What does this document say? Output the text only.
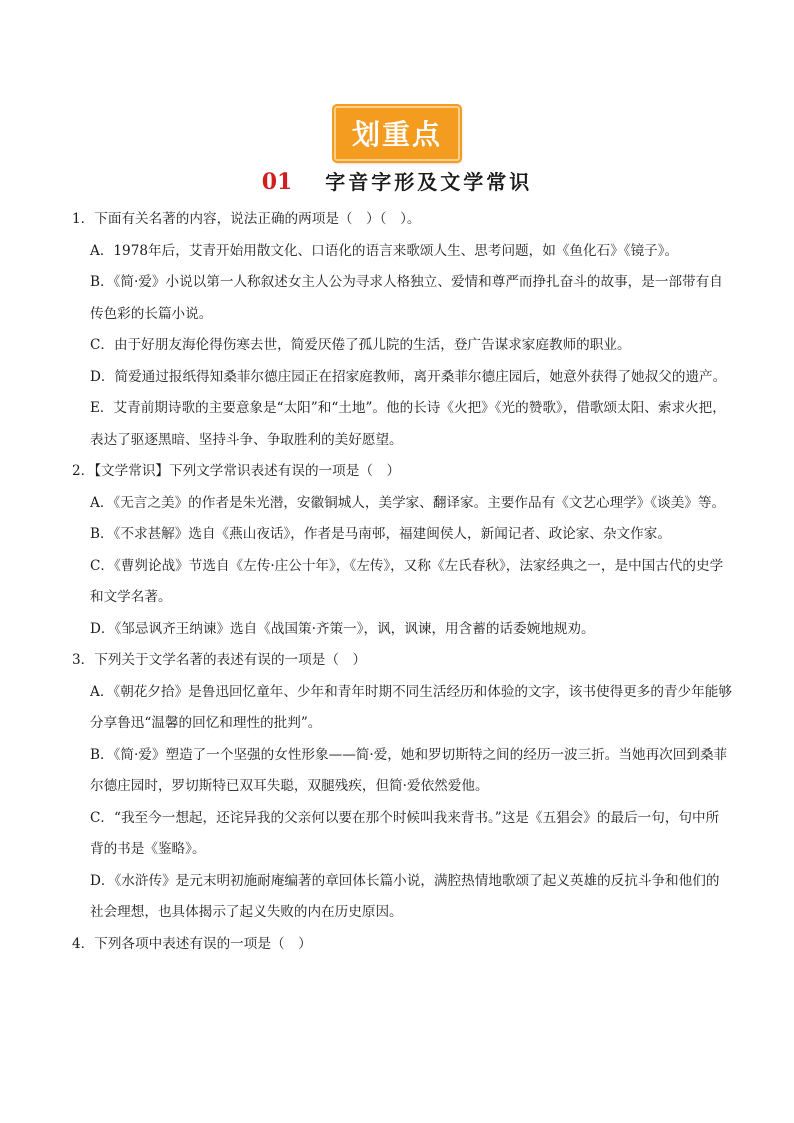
划重点
01 字音字形及文学常识

1．下面有关名著的内容，说法正确的两项是（　）（　）。

A．1978年后，艾青开始用散文化、口语化的语言来歌颂人生、思考问题，如《鱼化石》《镜子》。

B．《简·爱》小说以第一人称叙述女主人公为寻求人格独立、爱情和尊严而挣扎奋斗的故事，是一部带有自传色彩的长篇小说。

C．由于好朋友海伦得伤寒去世，简爱厌倦了孤儿院的生活，登广告谋求家庭教师的职业。

D．简爱通过报纸得知桑菲尔德庄园正在招家庭教师，离开桑菲尔德庄园后，她意外获得了她叔父的遗产。

E．艾青前期诗歌的主要意象是“太阳”和“土地”。他的长诗《火把》《光的赞歌》，借歌颂太阳、索求火把，表达了驱逐黑暗、坚持斗争、争取胜利的美好愿望。

2．【文学常识】下列文学常识表述有误的一项是（　）

A．《无言之美》的作者是朱光潜，安徽铜城人，美学家、翻译家。主要作品有《文艺心理学》《谈美》等。

B．《不求甚解》选自《燕山夜话》，作者是马南邨，福建闽侯人，新闻记者、政论家、杂文作家。

C．《曹刿论战》节选自《左传·庄公十年》，《左传》，又称《左氏春秋》，法家经典之一，是中国古代的史学和文学名著。

D．《邹忌讽齐王纳谏》选自《战国策·齐策一》，讽，讽谏，用含蓄的话委婉地规劝。

3．下列关于文学名著的表述有误的一项是（　）

A．《朝花夕拾》是鲁迅回忆童年、少年和青年时期不同生活经历和体验的文字，该书使得更多的青少年能够分享鲁迅“温馨的回忆和理性的批判”。

B．《简·爱》塑造了一个坚强的女性形象——简·爱，她和罗切斯特之间的经历一波三折。当她再次回到桑菲尔德庄园时，罗切斯特已双耳失聪，双腿残疾，但简·爱依然爱他。

C．“我至今一想起，还诧异我的父亲何以要在那个时候叫我来背书。”这是《五猖会》的最后一句，句中所背的书是《鉴略》。

D．《水浒传》是元末明初施耐庵编著的章回体长篇小说，满腔热情地歌颂了起义英雄的反抗斗争和他们的社会理想，也具体揭示了起义失败的内在历史原因。

4．下列各项中表述有误的一项是（　）
